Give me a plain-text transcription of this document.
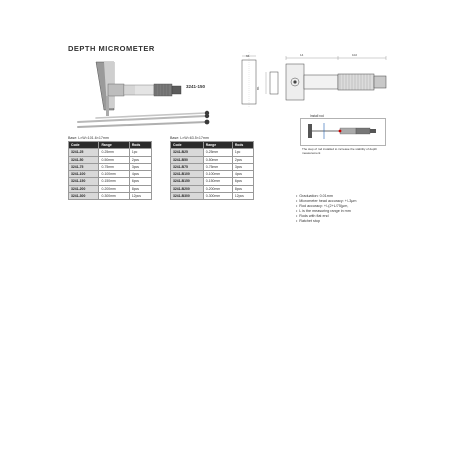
DEPTH MICROMETER
3241-150
Base: L×W=101.6×17mm
Code	Range	Rods
3241-25	0-25mm	1pc
3241-50	0-50mm	2pcs
3241-75	0-75mm	3pcs
3241-100	0-100mm	4pcs
3241-150	0-150mm	6pcs
3241-200	0-200mm	8pcs
3241-300	0-300mm	12pcs
Base: L×W=63.5×17mm
Code	Range	Rods
3241-B25	0-25mm	1pc
3241-B50	0-50mm	2pcs
3241-B75	0-75mm	3pcs
3241-B100	0-100mm	4pcs
3241-B150	0-150mm	6pcs
3241-B200	0-200mm	8pcs
3241-B300	0-300mm	12pcs
66	14	102
B1
Install rod
The step of rod installed to increase the stability of depth measurement
• Graduation: 0.01mm
• Micrometer head accuracy: +/-3μm
• Rod accuracy: +/-(2+L/75)μm,
• L is the measuring range in mm
• Rods with flat end
• Ratchet stop
